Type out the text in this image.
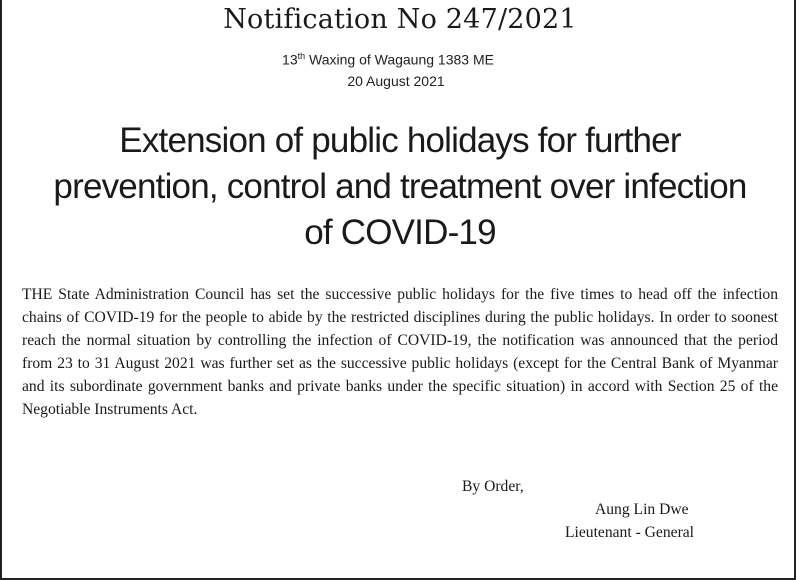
Notification No 247/2021
13th Waxing of Wagaung 1383 ME
20 August 2021
Extension of public holidays for further prevention, control and treatment over infection of COVID-19

THE State Administration Council has set the successive public holidays for the five times to head off the infection chains of COVID-19 for the people to abide by the restricted disciplines during the public holidays. In order to soonest reach the normal situation by controlling the infection of COVID-19, the notification was announced that the period from 23 to 31 August 2021 was further set as the successive public holidays (except for the Central Bank of Myanmar and its subordinate government banks and private banks under the specific situation) in accord with Section 25 of the Negotiable Instruments Act.

By Order,
Aung Lin Dwe
Lieutenant - General
